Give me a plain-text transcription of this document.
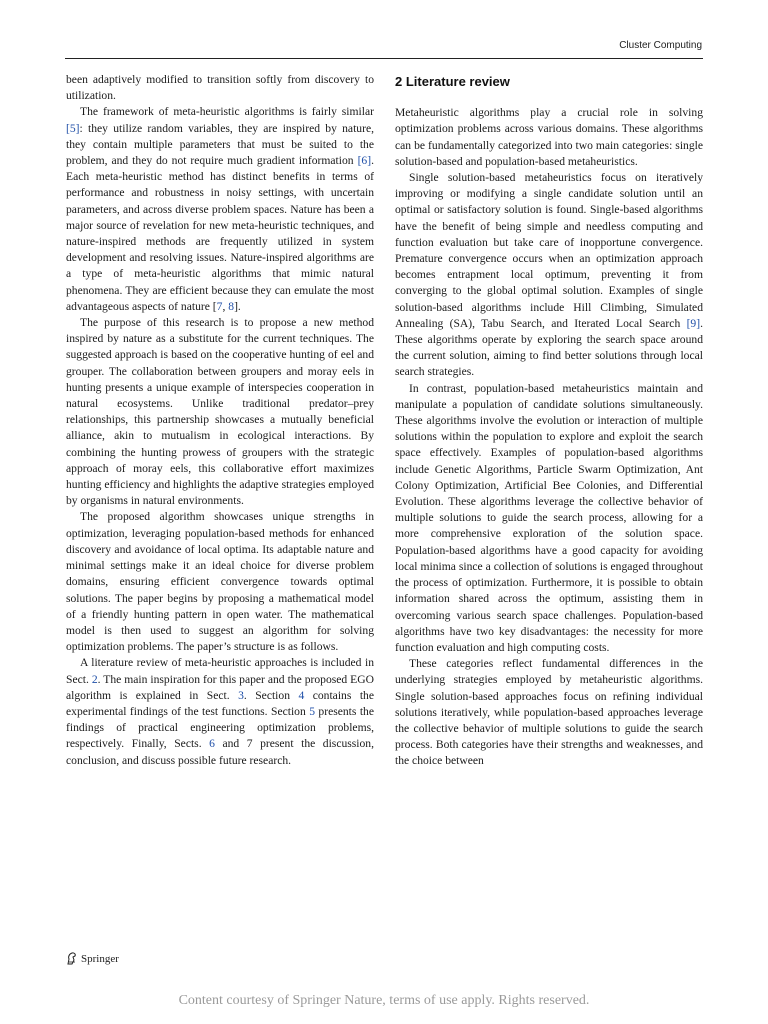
Cluster Computing

been adaptively modified to transition softly from discovery to utilization.

The framework of meta-heuristic algorithms is fairly similar [5]: they utilize random variables, they are inspired by nature, they contain multiple parameters that must be suited to the problem, and they do not require much gradient information [6]. Each meta-heuristic method has distinct benefits in terms of performance and robustness in noisy settings, with uncertain parameters, and across diverse problem spaces. Nature has been a major source of revelation for new meta-heuristic techniques, and nature-inspired methods are frequently utilized in system development and resolving issues. Nature-inspired algorithms are a type of meta-heuristic algorithms that mimic natural phenomena. They are efficient because they can emulate the most advantageous aspects of nature [7, 8].

The purpose of this research is to propose a new method inspired by nature as a substitute for the current techniques. The suggested approach is based on the cooperative hunting of eel and grouper. The collaboration between groupers and moray eels in hunting presents a unique example of interspecies cooperation in natural ecosystems. Unlike traditional predator–prey relationships, this partnership showcases a mutually beneficial alliance, akin to mutualism in ecological interactions. By combining the hunting prowess of groupers with the strategic approach of moray eels, this collaborative effort maximizes hunting efficiency and highlights the adaptive strategies employed by organisms in natural environments.

The proposed algorithm showcases unique strengths in optimization, leveraging population-based methods for enhanced discovery and avoidance of local optima. Its adaptable nature and minimal settings make it an ideal choice for diverse problem domains, ensuring efficient convergence towards optimal solutions. The paper begins by proposing a mathematical model of a friendly hunting pattern in open water. The mathematical model is then used to suggest an algorithm for solving optimization problems. The paper’s structure is as follows.

A literature review of meta-heuristic approaches is included in Sect. 2. The main inspiration for this paper and the proposed EGO algorithm is explained in Sect. 3. Section 4 contains the experimental findings of the test functions. Section 5 presents the findings of practical engineering optimization problems, respectively. Finally, Sects. 6 and 7 present the discussion, conclusion, and discuss possible future research.

2 Literature review

Metaheuristic algorithms play a crucial role in solving optimization problems across various domains. These algorithms can be fundamentally categorized into two main categories: single solution-based and population-based metaheuristics.

Single solution-based metaheuristics focus on iteratively improving or modifying a single candidate solution until an optimal or satisfactory solution is found. Single-based algorithms have the benefit of being simple and needless computing and function evaluation but take care of inopportune convergence. Premature convergence occurs when an optimization approach becomes entrapment local optimum, preventing it from converging to the global optimal solution. Examples of single solution-based algorithms include Hill Climbing, Simulated Annealing (SA), Tabu Search, and Iterated Local Search [9]. These algorithms operate by exploring the search space around the current solution, aiming to find better solutions through local search strategies.

In contrast, population-based metaheuristics maintain and manipulate a population of candidate solutions simultaneously. These algorithms involve the evolution or interaction of multiple solutions within the population to explore and exploit the search space effectively. Examples of population-based algorithms include Genetic Algorithms, Particle Swarm Optimization, Ant Colony Optimization, Artificial Bee Colonies, and Differential Evolution. These algorithms leverage the collective behavior of multiple solutions to guide the search process, allowing for a more comprehensive exploration of the solution space. Population-based algorithms have a good capacity for avoiding local minima since a collection of solutions is engaged throughout the process of optimization. Furthermore, it is possible to obtain information shared across the optimum, assisting them in overcoming various search space challenges. Population-based algorithms have two key disadvantages: the necessity for more function evaluation and high computing costs.

These categories reflect fundamental differences in the underlying strategies employed by metaheuristic algorithms. Single solution-based approaches focus on refining individual solutions iteratively, while population-based approaches leverage the collective behavior of multiple solutions to guide the search process. Both categories have their strengths and weaknesses, and the choice between

Springer
Content courtesy of Springer Nature, terms of use apply. Rights reserved.
